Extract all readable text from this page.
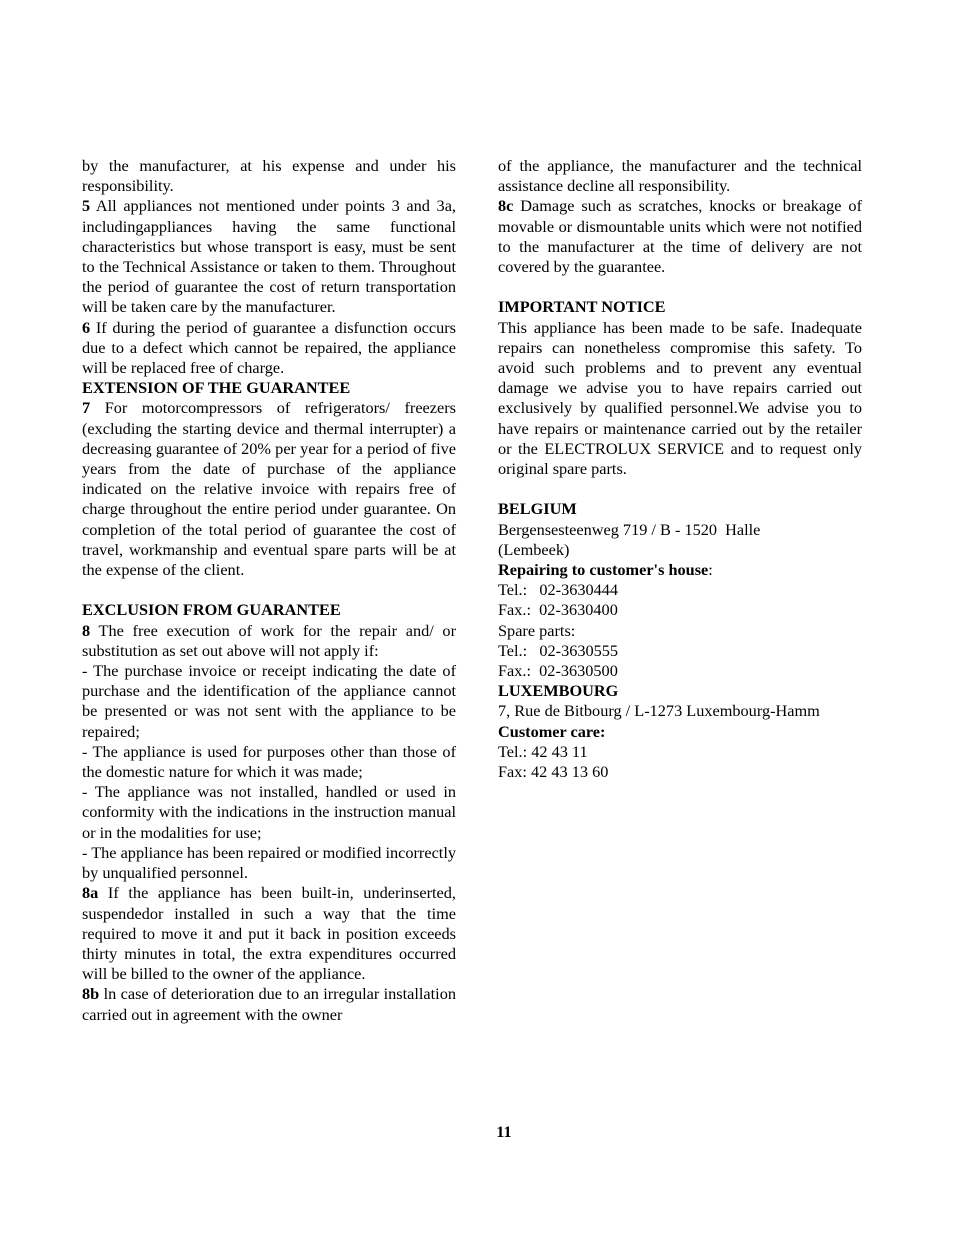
by the manufacturer, at his expense and under his responsibility.

5 All appliances not mentioned under points 3 and 3a, includingappliances having the same functional characteristics but whose transport is easy, must be sent to the Technical Assistance or taken to them. Throughout the period of guarantee the cost of return transportation will be taken care by the manufacturer.

6 If during the period of guarantee a disfunction occurs due to a defect which cannot be repaired, the appliance will be replaced free of charge.

EXTENSION OF THE GUARANTEE

7 For motorcompressors of refrigerators/ freezers (excluding the starting device and thermal interrupter) a decreasing guarantee of 20% per year for a period of five years from the date of purchase of the appliance indicated on the relative invoice with repairs free of charge throughout the entire period under guarantee. On completion of the total period of guarantee the cost of travel, workmanship and eventual spare parts will be at the expense of the client.

EXCLUSION FROM GUARANTEE

8 The free execution of work for the repair and/ or substitution as set out above will not apply if:

- The purchase invoice or receipt indicating the date of purchase and the identification of the appliance cannot be presented or was not sent with the appliance to be repaired;

- The appliance is used for purposes other than those of the domestic nature for which it was made;

- The appliance was not installed, handled or used in conformity with the indications in the instruction manual or in the modalities for use;

- The appliance has been repaired or modified incorrectly by unqualified personnel.

8a If the appliance has been built-in, underinserted, suspendedor installed in such a way that the time required to move it and put it back in position exceeds thirty minutes in total, the extra expenditures occurred will be billed to the owner of the appliance.

8b ln case of deterioration due to an irregular installation carried out in agreement with the owner

of the appliance, the manufacturer and the technical assistance decline all responsibility.

8c Damage such as scratches, knocks or breakage of movable or dismountable units which were not notified to the manufacturer at the time of delivery are not covered by the guarantee.

IMPORTANT NOTICE

This appliance has been made to be safe. Inadequate repairs can nonetheless compromise this safety. To avoid such problems and to prevent any eventual damage we advise you to have repairs carried out exclusively by qualified personnel.We advise you to have repairs or maintenance carried out by the retailer or the ELECTROLUX SERVICE and to request only original spare parts.

BELGIUM

Bergensesteenweg 719 / B - 1520  Halle

(Lembeek)

Repairing to customer's house:

Tel.:   02-3630444

Fax.:  02-3630400

Spare parts:

Tel.:   02-3630555

Fax.:  02-3630500

LUXEMBOURG

7, Rue de Bitbourg / L-1273 Luxembourg-Hamm

Customer care:

Tel.: 42 43 11

Fax: 42 43 13 60

11
